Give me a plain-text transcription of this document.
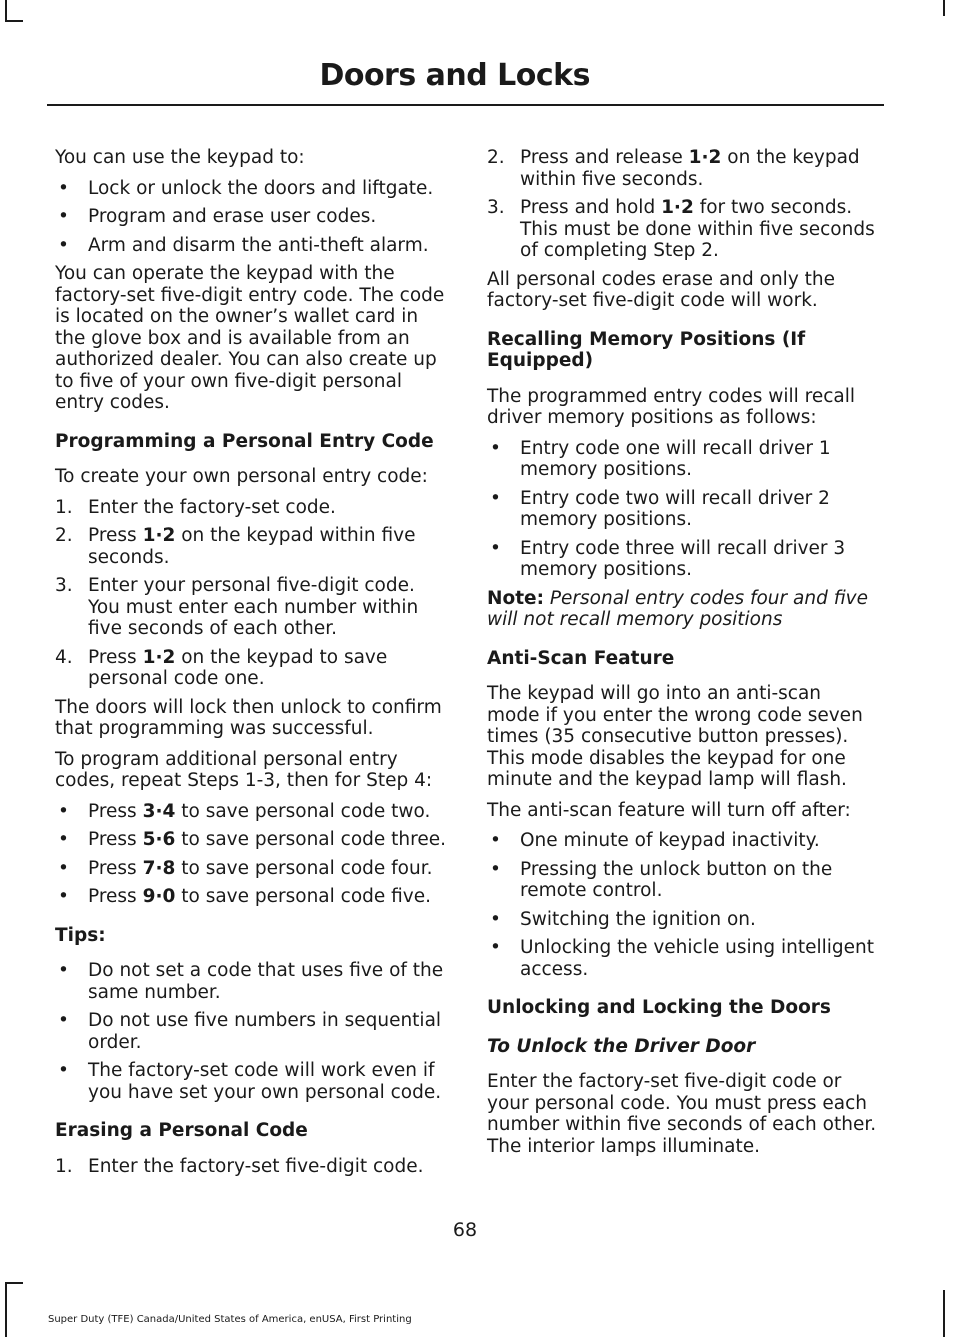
Doors and Locks

You can use the keypad to:

• Lock or unlock the doors and liftgate.
• Program and erase user codes.
• Arm and disarm the anti-theft alarm.

You can operate the keypad with the factory-set five-digit entry code. The code is located on the owner’s wallet card in the glove box and is available from an authorized dealer. You can also create up to five of your own five-digit personal entry codes.

Programming a Personal Entry Code

To create your own personal entry code:

1. Enter the factory-set code.
2. Press 1·2 on the keypad within five seconds.
3. Enter your personal five-digit code. You must enter each number within five seconds of each other.
4. Press 1·2 on the keypad to save personal code one.

The doors will lock then unlock to confirm that programming was successful.

To program additional personal entry codes, repeat Steps 1-3, then for Step 4:

• Press 3·4 to save personal code two.
• Press 5·6 to save personal code three.
• Press 7·8 to save personal code four.
• Press 9·0 to save personal code five.
Tips:
• Do not set a code that uses five of the same number.
• Do not use five numbers in sequential order.
• The factory-set code will work even if you have set your own personal code.
Erasing a Personal Code
1. Enter the factory-set five-digit code.
2. Press and release 1·2 on the keypad within five seconds.
3. Press and hold 1·2 for two seconds. This must be done within five seconds of completing Step 2.

All personal codes erase and only the factory-set five-digit code will work.

Recalling Memory Positions (If Equipped)

The programmed entry codes will recall driver memory positions as follows:

• Entry code one will recall driver 1 memory positions.
• Entry code two will recall driver 2 memory positions.
• Entry code three will recall driver 3 memory positions.

Note: Personal entry codes four and five will not recall memory positions

Anti-Scan Feature

The keypad will go into an anti-scan mode if you enter the wrong code seven times (35 consecutive button presses). This mode disables the keypad for one minute and the keypad lamp will flash.

The anti-scan feature will turn off after:

• One minute of keypad inactivity.
• Pressing the unlock button on the remote control.
• Switching the ignition on.
• Unlocking the vehicle using intelligent access.
Unlocking and Locking the Doors
To Unlock the Driver Door

Enter the factory-set five-digit code or your personal code. You must press each number within five seconds of each other. The interior lamps illuminate.

68

Super Duty (TFE) Canada/United States of America, enUSA, First Printing
